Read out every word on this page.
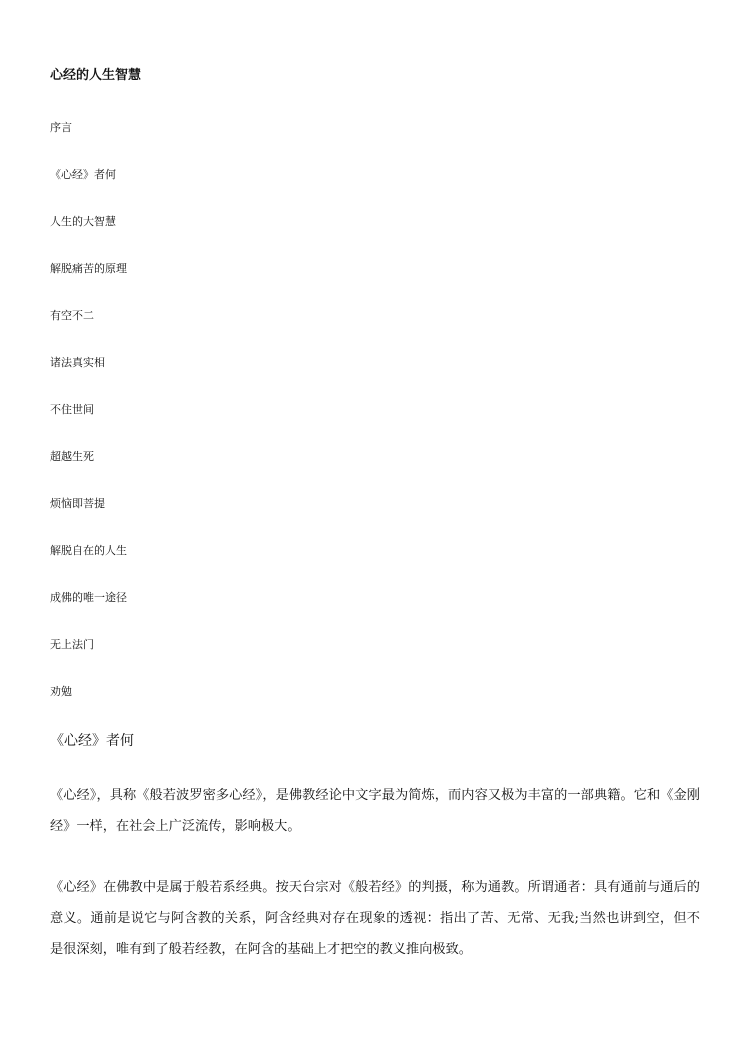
心经的人生智慧
序言
《心经》者何
人生的大智慧
解脱痛苦的原理
有空不二
诸法真实相
不住世间
超越生死
烦恼即菩提
解脱自在的人生
成佛的唯一途径
无上法门
劝勉
《心经》者何

《心经》，具称《般若波罗密多心经》，是佛教经论中文字最为简炼，而内容又极为丰富的一部典籍。它和《金刚经》一样，在社会上广泛流传，影响极大。

《心经》在佛教中是属于般若系经典。按天台宗对《般若经》的判摄，称为通教。所谓通者：具有通前与通后的意义。通前是说它与阿含教的关系，阿含经典对存在现象的透视：指出了苦、无常、无我;当然也讲到空，但不是很深刻，唯有到了般若经教，在阿含的基础上才把空的教义推向极致。
